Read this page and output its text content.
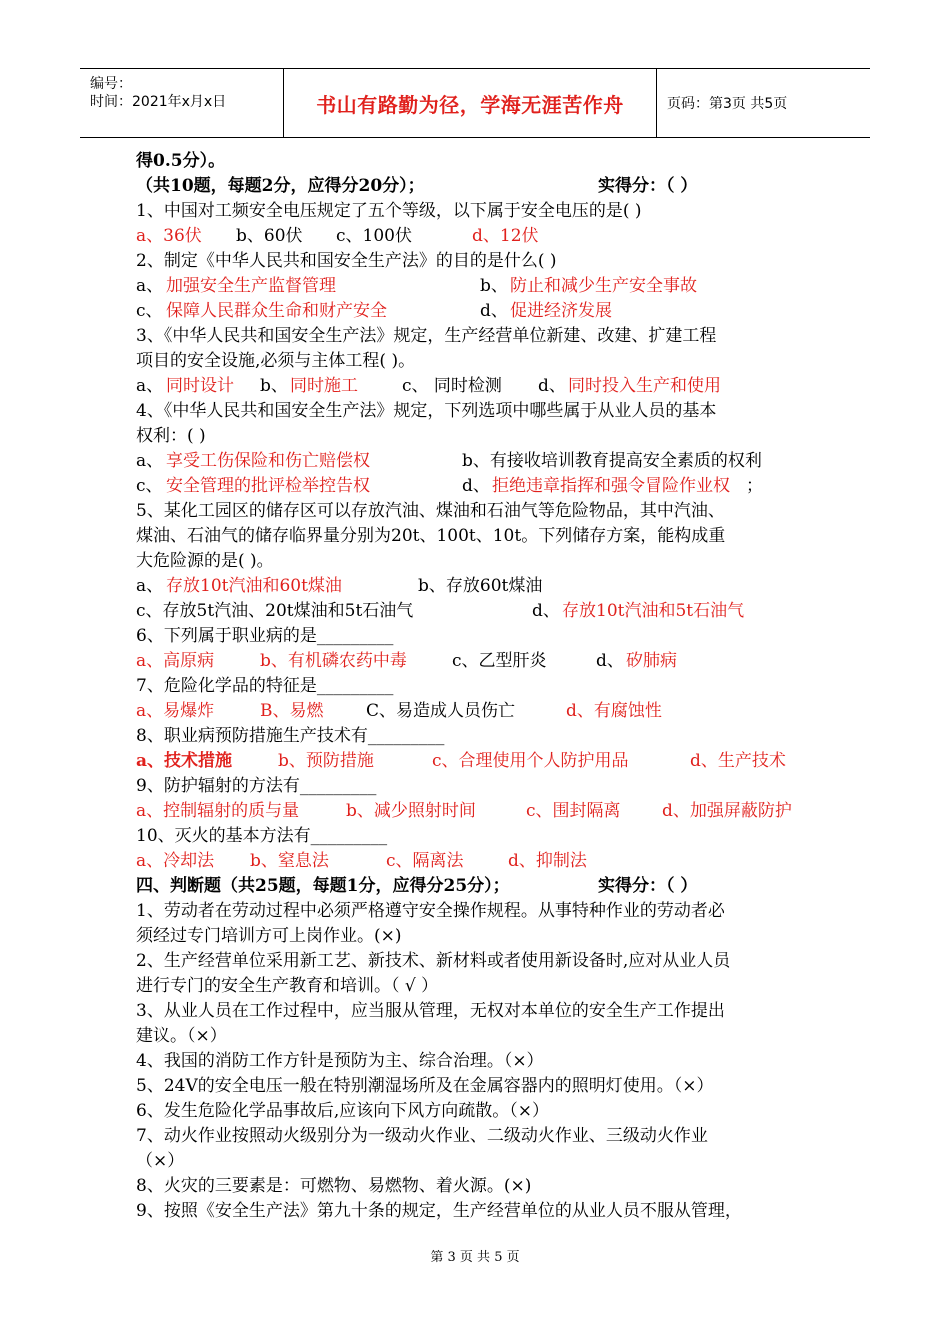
编号：
时间：2021年x月x日	书山有路勤为径，学海无涯苦作舟	页码：第3页 共5页
得0.5分）。
（共10题，每题2分，应得分20分）；	实得分：（ ）
1、中国对工频安全电压规定了五个等级，以下属于安全电压的是( )
a、36伏 b、60伏 c、100伏	d、12伏
2、制定《中华人民共和国安全生产法》的目的是什么( )
a、 加强安全生产监督管理	b、 防止和减少生产安全事故
c、 保障人民群众生命和财产安全	d、 促进经济发展
3、《中华人民共和国安全生产法》规定，生产经营单位新建、改建、扩建工程
项目的安全设施,必须与主体工程( )。
a、 同时设计 b、 同时施工	c、 同时检测 d、 同时投入生产和使用
4、《中华人民共和国安全生产法》规定，下列选项中哪些属于从业人员的基本
权利：( )
a、 享受工伤保险和伤亡赔偿权	b、有接收培训教育提高安全素质的权利
c、 安全管理的批评检举控告权	d、 拒绝违章指挥和强令冒险作业权 ；
5、某化工园区的储存区可以存放汽油、煤油和石油气等危险物品，其中汽油、
煤油、石油气的储存临界量分别为20t、100t、10t。下列储存方案，能构成重
大危险源的是( )。
a、 存放10t汽油和60t煤油	b、存放60t煤油
c、存放5t汽油、20t煤油和5t石油气	d、 存放10t汽油和5t石油气
6、下列属于职业病的是_________
a、高原病	b、有机磷农药中毒	c、乙型肝炎	d、 矽肺病
7、危险化学品的特征是_________
a、易爆炸	B、易燃	C、易造成人员伤亡	d、有腐蚀性
8、职业病预防措施生产技术有_________
a、技术措施	b、预防措施	c、合理使用个人防护用品	d、生产技术
9、防护辐射的方法有_________
a、控制辐射的质与量	b、减少照射时间	c、围封隔离 d、加强屏蔽防护
10、灭火的基本方法有_________
a、冷却法 b、窒息法	c、隔离法	d、抑制法
四、判断题（共25题，每题1分，应得分25分）；	实得分：（ ）
1、劳动者在劳动过程中必须严格遵守安全操作规程。从事特种作业的劳动者必
须经过专门培训方可上岗作业。(×)
2、生产经营单位采用新工艺、新技术、新材料或者使用新设备时,应对从业人员
进行专门的安全生产教育和培训。（ √ ）
3、从业人员在工作过程中，应当服从管理，无权对本单位的安全生产工作提出
建议。（×）
4、我国的消防工作方针是预防为主、综合治理。（×）
5、24V的安全电压一般在特别潮湿场所及在金属容器内的照明灯使用。（×）
6、发生危险化学品事故后,应该向下风方向疏散。（×）
7、动火作业按照动火级别分为一级动火作业、二级动火作业、三级动火作业
（×）
8、火灾的三要素是：可燃物、易燃物、着火源。(×)
9、按照《安全生产法》第九十条的规定，生产经营单位的从业人员不服从管理，
第 3 页 共 5 页
